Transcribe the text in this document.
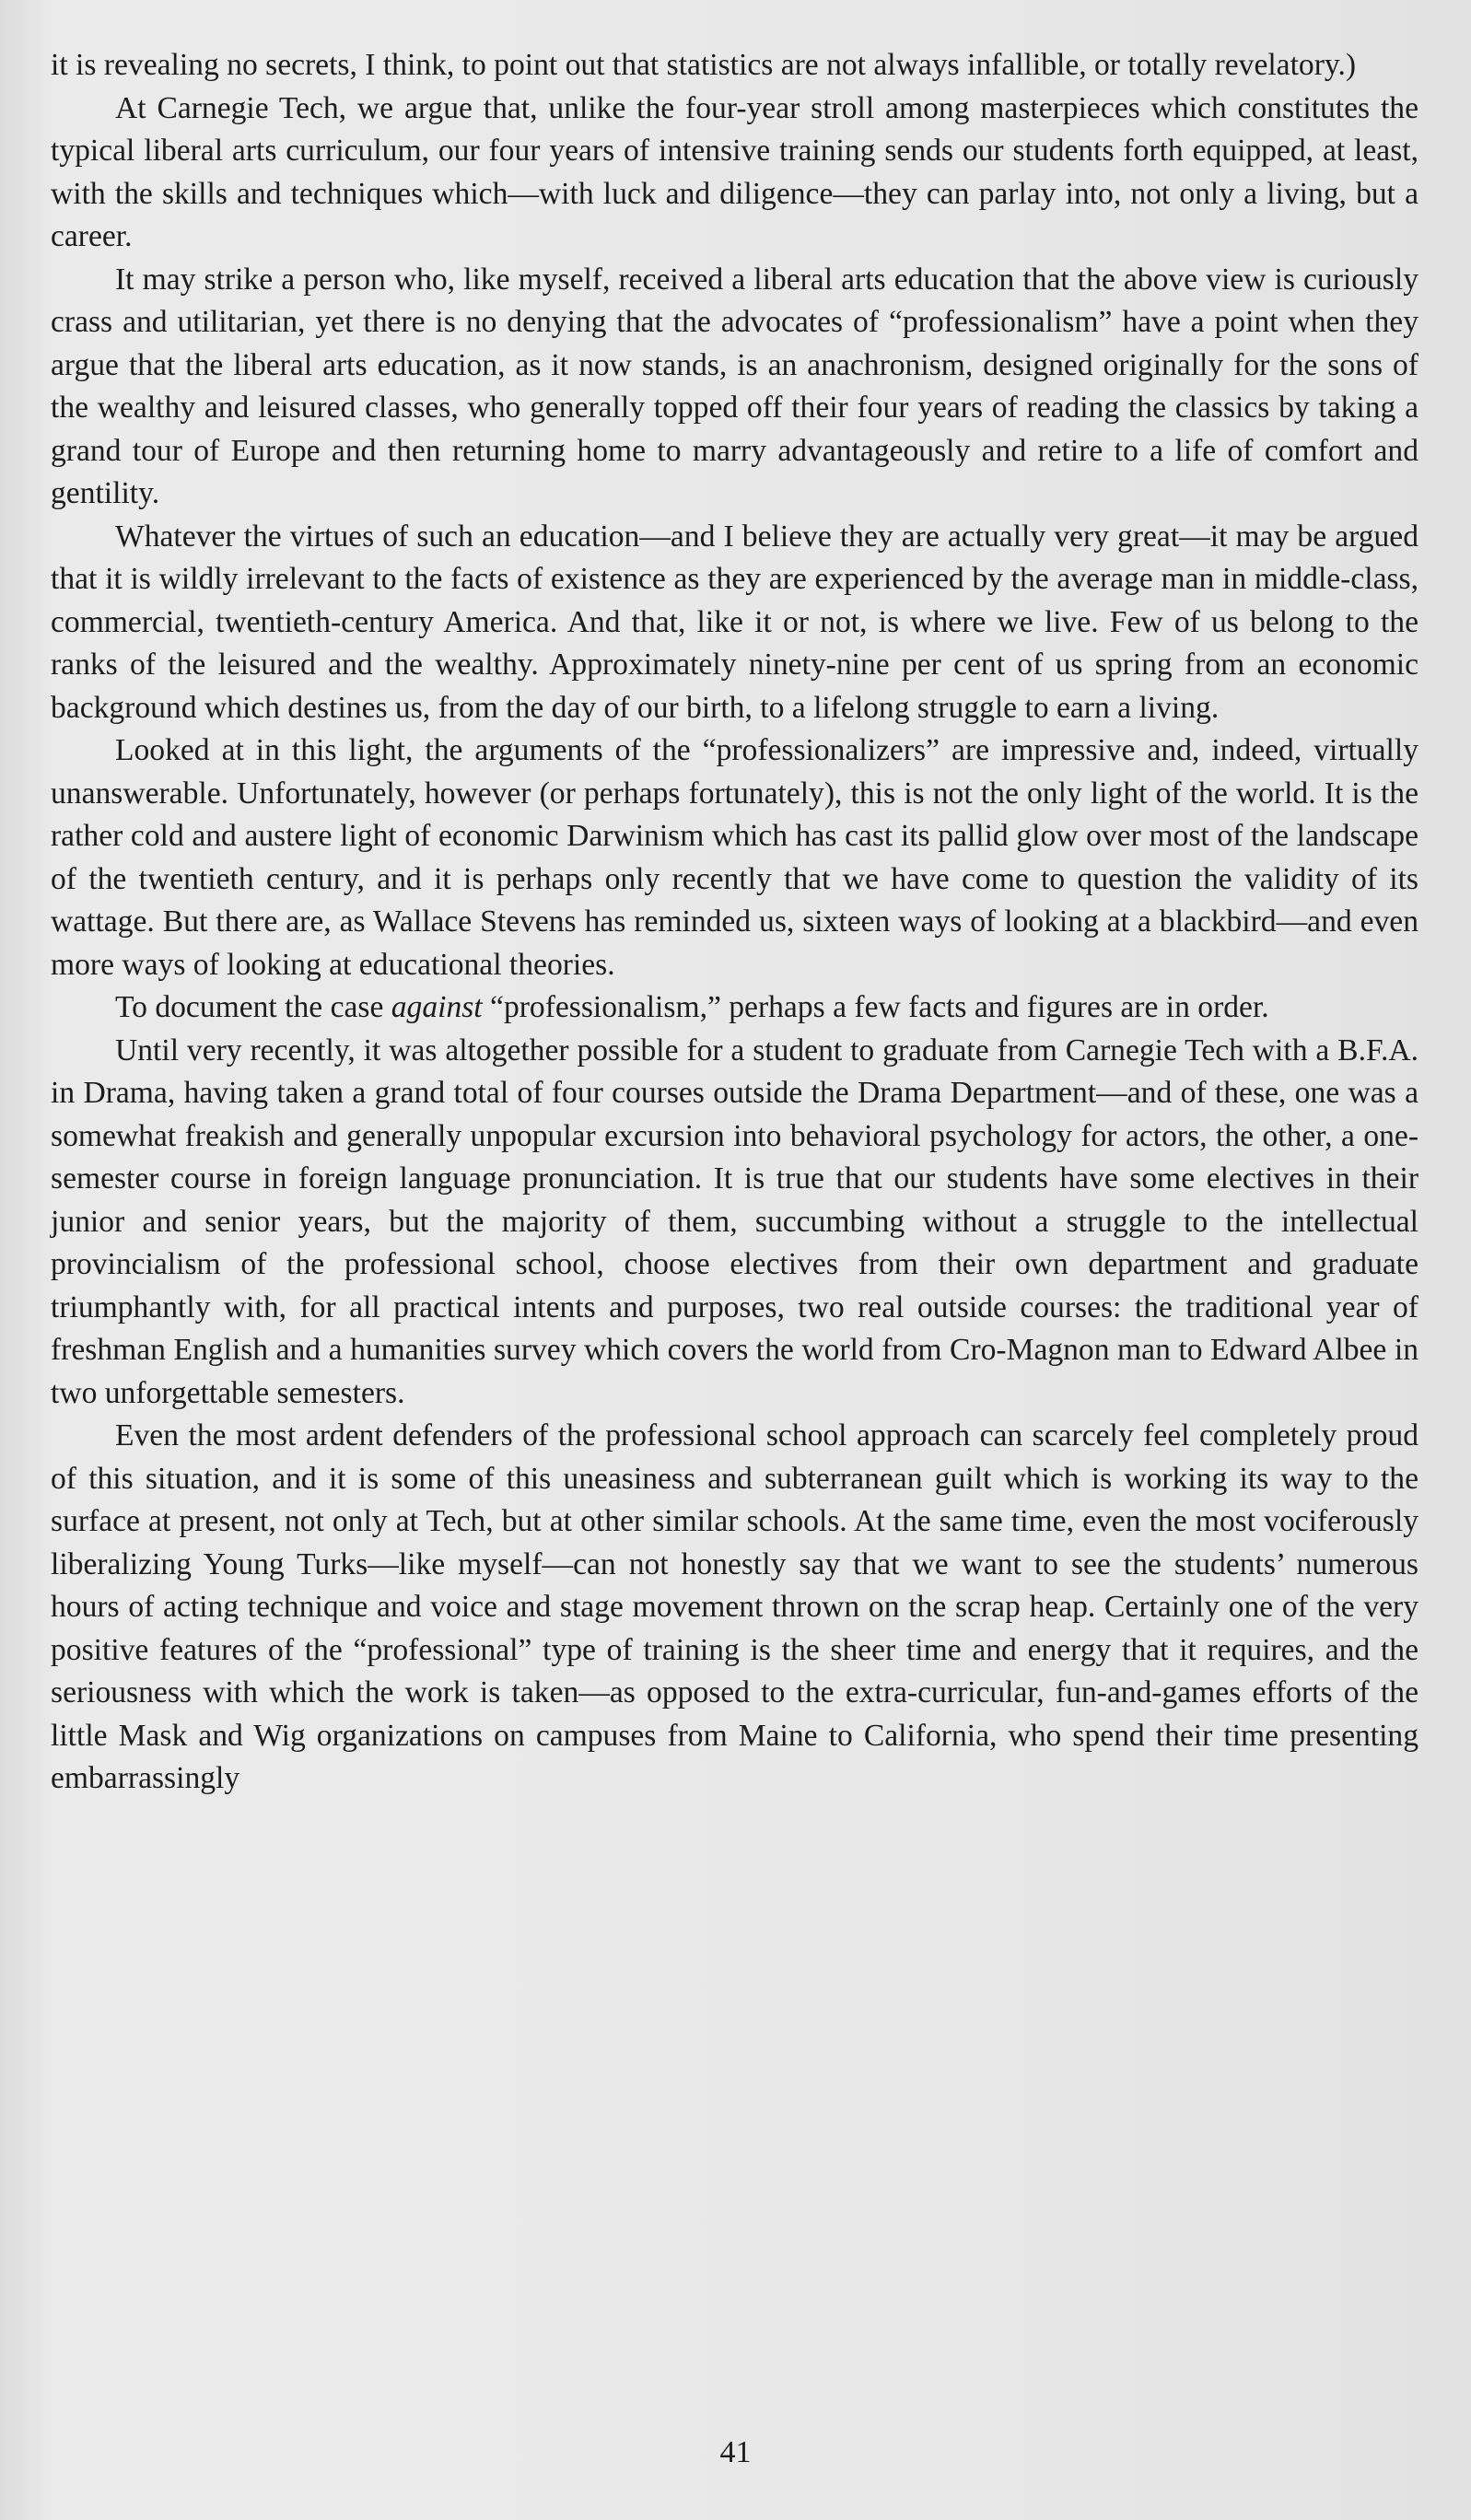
it is revealing no secrets, I think, to point out that statistics are not always infallible, or totally revelatory.)

At Carnegie Tech, we argue that, unlike the four-year stroll among masterpieces which constitutes the typical liberal arts curriculum, our four years of intensive training sends our students forth equipped, at least, with the skills and techniques which—with luck and diligence—they can parlay into, not only a living, but a career.

It may strike a person who, like myself, received a liberal arts education that the above view is curiously crass and utilitarian, yet there is no denying that the advocates of “professionalism” have a point when they argue that the liberal arts education, as it now stands, is an anachronism, designed originally for the sons of the wealthy and leisured classes, who generally topped off their four years of reading the classics by taking a grand tour of Europe and then returning home to marry advantageously and retire to a life of comfort and gentility.

Whatever the virtues of such an education—and I believe they are actually very great—it may be argued that it is wildly irrelevant to the facts of existence as they are experienced by the average man in middle-class, commercial, twentieth-century America. And that, like it or not, is where we live. Few of us belong to the ranks of the leisured and the wealthy. Approximately ninety-nine per cent of us spring from an economic background which destines us, from the day of our birth, to a lifelong struggle to earn a living.

Looked at in this light, the arguments of the “professionalizers” are impressive and, indeed, virtually unanswerable. Unfortunately, however (or perhaps fortunately), this is not the only light of the world. It is the rather cold and austere light of economic Darwinism which has cast its pallid glow over most of the landscape of the twentieth century, and it is perhaps only recently that we have come to question the validity of its wattage. But there are, as Wallace Stevens has reminded us, sixteen ways of looking at a blackbird—and even more ways of looking at educational theories.

To document the case against “professionalism,” perhaps a few facts and figures are in order.

Until very recently, it was altogether possible for a student to graduate from Carnegie Tech with a B.F.A. in Drama, having taken a grand total of four courses outside the Drama Department—and of these, one was a somewhat freakish and generally unpopular excursion into behavioral psychology for actors, the other, a one-semester course in foreign language pronunciation. It is true that our students have some electives in their junior and senior years, but the majority of them, succumbing without a struggle to the intellectual provincialism of the professional school, choose electives from their own department and graduate triumphantly with, for all practical intents and purposes, two real outside courses: the traditional year of freshman English and a humanities survey which covers the world from Cro-Magnon man to Edward Albee in two unforgettable semesters.

Even the most ardent defenders of the professional school approach can scarcely feel completely proud of this situation, and it is some of this uneasiness and subterranean guilt which is working its way to the surface at present, not only at Tech, but at other similar schools. At the same time, even the most vociferously liberalizing Young Turks—like myself—can not honestly say that we want to see the students’ numerous hours of acting technique and voice and stage movement thrown on the scrap heap. Certainly one of the very positive features of the “professional” type of training is the sheer time and energy that it requires, and the seriousness with which the work is taken—as opposed to the extra-curricular, fun-and-games efforts of the little Mask and Wig organizations on campuses from Maine to California, who spend their time presenting embarrassingly

41
